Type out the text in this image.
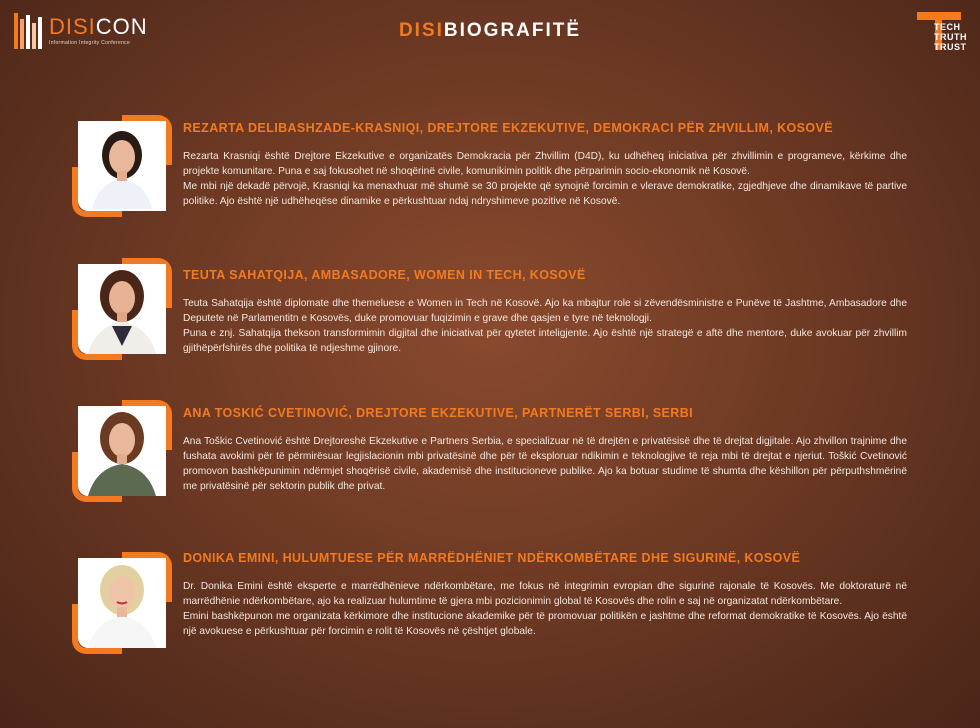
DISICON
Information Integrity Conference
DISIBIOGRAFITË	TECH
TRUTH
TRUST
REZARTA DELIBASHZADE-KRASNIQI, DREJTORE EKZEKUTIVE, DEMOKRACI PËR ZHVILLIM, KOSOVË

Rezarta Krasniqi është Drejtore Ekzekutive e organizatës Demokracia për Zhvillim (D4D), ku udhëheq iniciativa për zhvillimin e programeve, kërkime dhe projekte komunitare. Puna e saj fokusohet në shoqërinë civile, komunikimin politik dhe përparimin socio-ekonomik në Kosovë.

Me mbi një dekadë përvojë, Krasniqi ka menaxhuar më shumë se 30 projekte që synojnë forcimin e vlerave demokratike, zgjedhjeve dhe dinamikave të partive politike. Ajo është një udhëheqëse dinamike e përkushtuar ndaj ndryshimeve pozitive në Kosovë.

TEUTA SAHATQIJA, AMBASADORE, WOMEN IN TECH, KOSOVË

Teuta Sahatqija është diplomate dhe themeluese e Women in Tech në Kosovë. Ajo ka mbajtur role si zëvendësministre e Punëve të Jashtme, Ambasadore dhe Deputete në Parlamentitn e Kosovës, duke promovuar fuqizimin e grave dhe qasjen e tyre në teknologji.

Puna e znj. Sahatqija thekson transformimin digjital dhe iniciativat për qytetet inteligjente. Ajo është një strategë e aftë dhe mentore, duke avokuar për zhvillim gjithëpërfshirës dhe politika të ndjeshme gjinore.

ANA TOSKIĆ CVETINOVIĆ, DREJTORE EKZEKUTIVE, PARTNERËT SERBI, SERBI

Ana Toškic Cvetinović është Drejtoreshë Ekzekutive e Partners Serbia, e specializuar në të drejtën e privatësisë dhe të drejtat digjitale. Ajo zhvillon trajnime dhe fushata avokimi për të përmirësuar legjislacionin mbi privatësinë dhe për të eksploruar ndikimin e teknologjive të reja mbi të drejtat e njeriut. Toškić Cvetinović promovon bashkëpunimin ndërmjet shoqërisë civile, akademisë dhe institucioneve publike. Ajo ka botuar studime të shumta dhe këshillon për përputhshmërinë me privatësinë për sektorin publik dhe privat.

DONIKA EMINI, HULUMTUESE PËR MARRËDHËNIET NDËRKOMBËTARE DHE SIGURINË, KOSOVË

Dr. Donika Emini është eksperte e marrëdhënieve ndërkombëtare, me fokus në integrimin evropian dhe sigurinë rajonale të Kosovës. Me doktoraturë në marrëdhënie ndërkombëtare, ajo ka realizuar hulumtime të gjera mbi pozicionimin global të Kosovës dhe rolin e saj në organizatat ndërkombëtare.

Emini bashkëpunon me organizata kërkimore dhe institucione akademike për të promovuar politikën e jashtme dhe reformat demokratike të Kosovës. Ajo është një avokuese e përkushtuar për forcimin e rolit të Kosovës në çështjet globale.
